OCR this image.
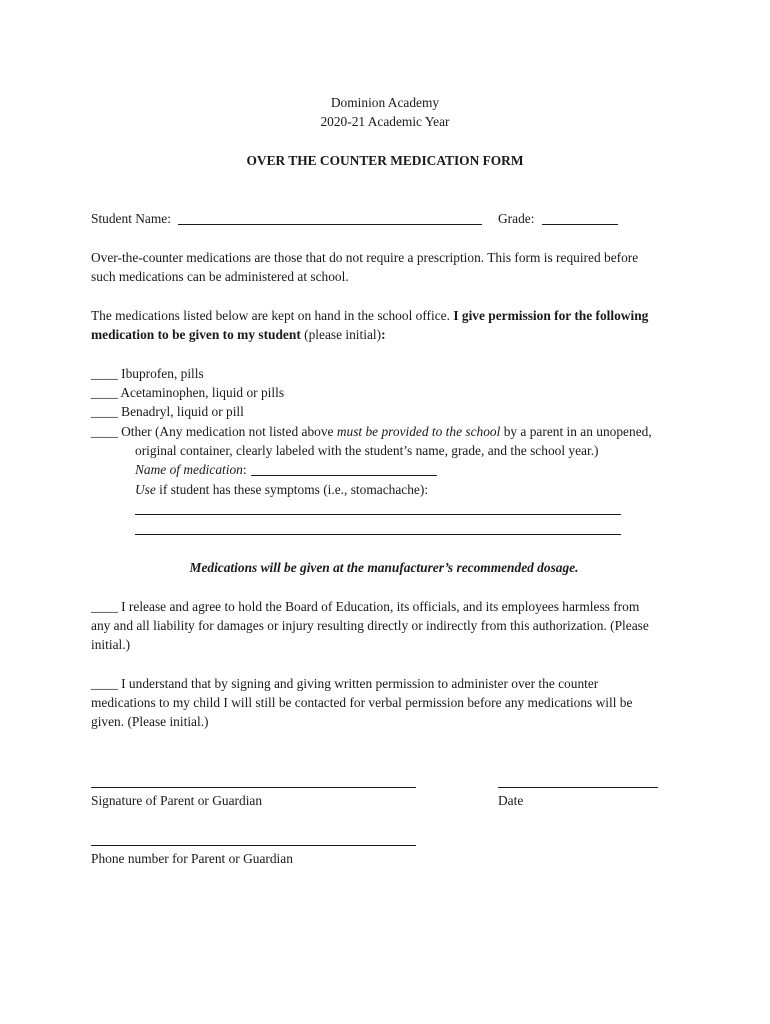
Dominion Academy
2020-21 Academic Year
OVER THE COUNTER MEDICATION FORM
Student Name:	Grade:
Over-the-counter medications are those that do not require a prescription. This form is required before
such medications can be administered at school.
The medications listed below are kept on hand in the school office. I give permission for the following
medication to be given to my student (please initial):
____ Ibuprofen, pills
____ Acetaminophen, liquid or pills
____ Benadryl, liquid or pill
____ Other (Any medication not listed above must be provided to the school by a parent in an unopened,
original container, clearly labeled with the student’s name, grade, and the school year.)
Name of medication:
Use if student has these symptoms (i.e., stomachache):
Medications will be given at the manufacturer’s recommended dosage.
____ I release and agree to hold the Board of Education, its officials, and its employees harmless from
any and all liability for damages or injury resulting directly or indirectly from this authorization. (Please
initial.)
____ I understand that by signing and giving written permission to administer over the counter
medications to my child I will still be contacted for verbal permission before any medications will be
given. (Please initial.)
Signature of Parent or Guardian	Date
Phone number for Parent or Guardian
